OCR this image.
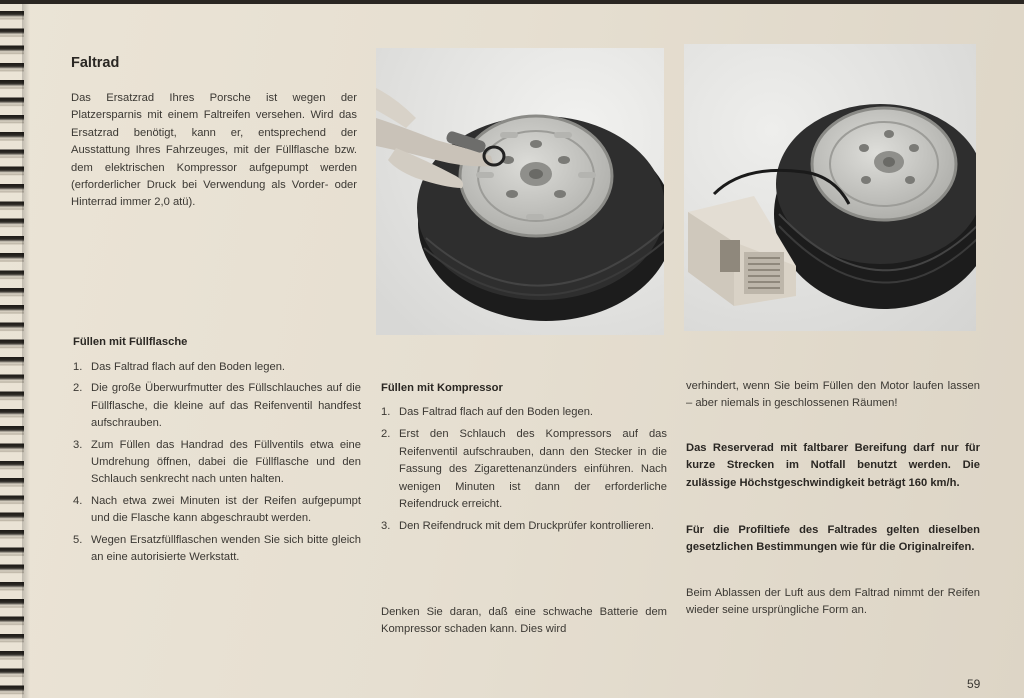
Faltrad

Das Ersatzrad Ihres Porsche ist wegen der Platzersparnis mit einem Faltreifen versehen. Wird das Ersatzrad benötigt, kann er, entsprechend der Ausstattung Ihres Fahrzeuges, mit der Füllflasche bzw. dem elektrischen Kompressor aufgepumpt werden (erforderlicher Druck bei Verwendung als Vorder- oder Hinterrad immer 2,0 atü).

Füllen mit Füllflasche
1. Das Faltrad flach auf den Boden legen.
2. Die große Überwurfmutter des Füllschlauches auf die Füllflasche, die kleine auf das Reifenventil handfest aufschrauben.
3. Zum Füllen das Handrad des Füllventils etwa eine Umdrehung öffnen, dabei die Füllflasche und den Schlauch senkrecht nach unten halten.
4. Nach etwa zwei Minuten ist der Reifen aufgepumpt und die Flasche kann abgeschraubt werden.
5. Wegen Ersatzfüllflaschen wenden Sie sich bitte gleich an eine autorisierte Werkstatt.
Füllen mit Kompressor
1. Das Faltrad flach auf den Boden legen.
2. Erst den Schlauch des Kompressors auf das Reifenventil aufschrauben, dann den Stecker in die Fassung des Zigarettenanzünders einführen. Nach wenigen Minuten ist dann der erforderliche Reifendruck erreicht.
3. Den Reifendruck mit dem Druckprüfer kontrollieren.

Denken Sie daran, daß eine schwache Batterie dem Kompressor schaden kann. Dies wird

verhindert, wenn Sie beim Füllen den Motor laufen lassen – aber niemals in geschlossenen Räumen!

Das Reserverad mit faltbarer Bereifung darf nur für kurze Strecken im Notfall benutzt werden. Die zulässige Höchstgeschwindigkeit beträgt 160 km/h.

Für die Profiltiefe des Faltrades gelten dieselben gesetzlichen Bestimmungen wie für die Originalreifen.

Beim Ablassen der Luft aus dem Faltrad nimmt der Reifen wieder seine ursprüngliche Form an.

59
